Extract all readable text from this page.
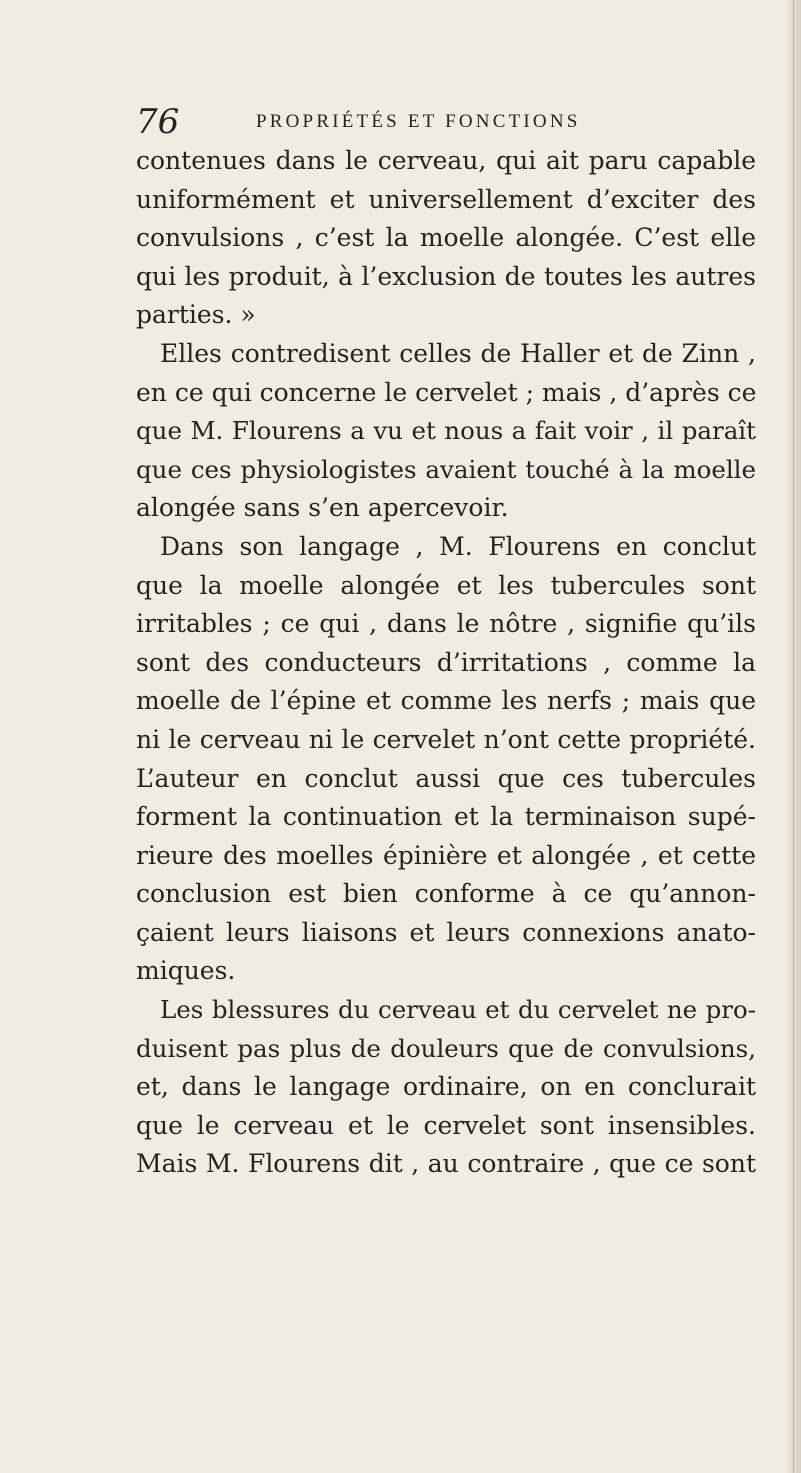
76	PROPRIÉTÉS ET FONCTIONS
contenues dans le cerveau, qui ait paru capable
uniformément et universellement d’exciter des
convulsions , c’est la moelle alongée. C’est elle
qui les produit, à l’exclusion de toutes les autres
parties. »
Elles contredisent celles de Haller et de Zinn ,
en ce qui concerne le cervelet ; mais , d’après ce
que M. Flourens a vu et nous a fait voir , il paraît
que ces physiologistes avaient touché à la moelle
alongée sans s’en apercevoir.
Dans son langage , M. Flourens en conclut
que la moelle alongée et les tubercules sont
irritables ; ce qui , dans le nôtre , signifie qu’ils
sont des conducteurs d’irritations , comme la
moelle de l’épine et comme les nerfs ; mais que
ni le cerveau ni le cervelet n’ont cette propriété.
L’auteur en conclut aussi que ces tubercules
forment la continuation et la terminaison supé-
rieure des moelles épinière et alongée , et cette
conclusion est bien conforme à ce qu’annon-
çaient leurs liaisons et leurs connexions anato-
miques.
Les blessures du cerveau et du cervelet ne pro-
duisent pas plus de douleurs que de convulsions,
et, dans le langage ordinaire, on en conclurait
que le cerveau et le cervelet sont insensibles.
Mais M. Flourens dit , au contraire , que ce sont
